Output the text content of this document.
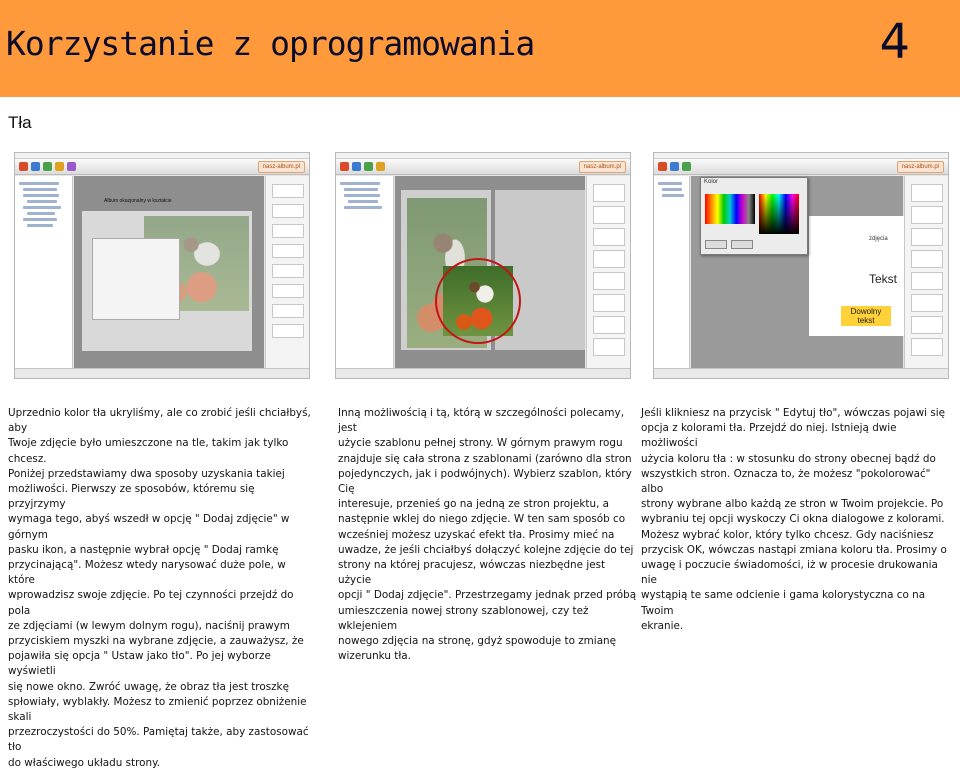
Korzystanie z oprogramowania	4
Tła
nasz-album.pl
Album okazjonalny w kształcie
nasz-album.pl	nasz-album.pl
zdjęcia
Tekst
Dowolny tekst
Kolor
Uprzednio kolor tła ukryliśmy, ale co zrobić jeśli chciałbyś, aby
Twoje zdjęcie było umieszczone na tle, takim jak tylko chcesz.
Poniżej przedstawiamy dwa sposoby uzyskania takiej
możliwości. Pierwszy ze sposobów, któremu się przyjrzymy
wymaga tego, abyś wszedł w opcję " Dodaj zdjęcie" w górnym
pasku ikon, a następnie wybrał opcję " Dodaj ramkę
przycinającą". Możesz wtedy narysować duże pole, w które
wprowadzisz swoje zdjęcie. Po tej czynności przejdź do pola
ze zdjęciami (w lewym dolnym rogu), naciśnij prawym
przyciskiem myszki na wybrane zdjęcie, a zauważysz, że
pojawiła się opcja " Ustaw jako tło". Po jej wyborze wyświetli
się nowe okno. Zwróć uwagę, że obraz tła jest troszkę
spłowiały, wyblakły. Możesz to zmienić poprzez obniżenie skali
przezroczystości do 50%. Pamiętaj także, aby zastosować tło
do właściwego układu strony.
Inną możliwością i tą, którą w szczególności polecamy, jest
użycie szablonu pełnej strony. W górnym prawym rogu
znajduje się cała strona z szablonami (zarówno dla stron
pojedynczych, jak i podwójnych). Wybierz szablon, który Cię
interesuje, przenieś go na jedną ze stron projektu, a
następnie wklej do niego zdjęcie. W ten sam sposób co
wcześniej możesz uzyskać efekt tła. Prosimy mieć na
uwadze, że jeśli chciałbyś dołączyć kolejne zdjęcie do tej
strony na której pracujesz, wówczas niezbędne jest użycie
opcji " Dodaj zdjęcie". Przestrzegamy jednak przed próbą
umieszczenia nowej strony szablonowej, czy też wklejeniem
nowego zdjęcia na stronę, gdyż spowoduje to zmianę
wizerunku tła.
Jeśli klikniesz na przycisk " Edytuj tło", wówczas pojawi się
opcja z kolorami tła. Przejdź do niej. Istnieją dwie możliwości
użycia koloru tła : w stosunku do strony obecnej bądź do
wszystkich stron. Oznacza to, że możesz "pokolorować" albo
strony wybrane albo każdą ze stron w Twoim projekcie. Po
wybraniu tej opcji wyskoczy Ci okna dialogowe z kolorami.
Możesz wybrać kolor, który tylko chcesz. Gdy naciśniesz
przycisk OK, wówczas nastąpi zmiana koloru tła. Prosimy o
uwagę i poczucie świadomości, iż w procesie drukowania nie
wystąpią te same odcienie i gama kolorystyczna co na Twoim
ekranie.
